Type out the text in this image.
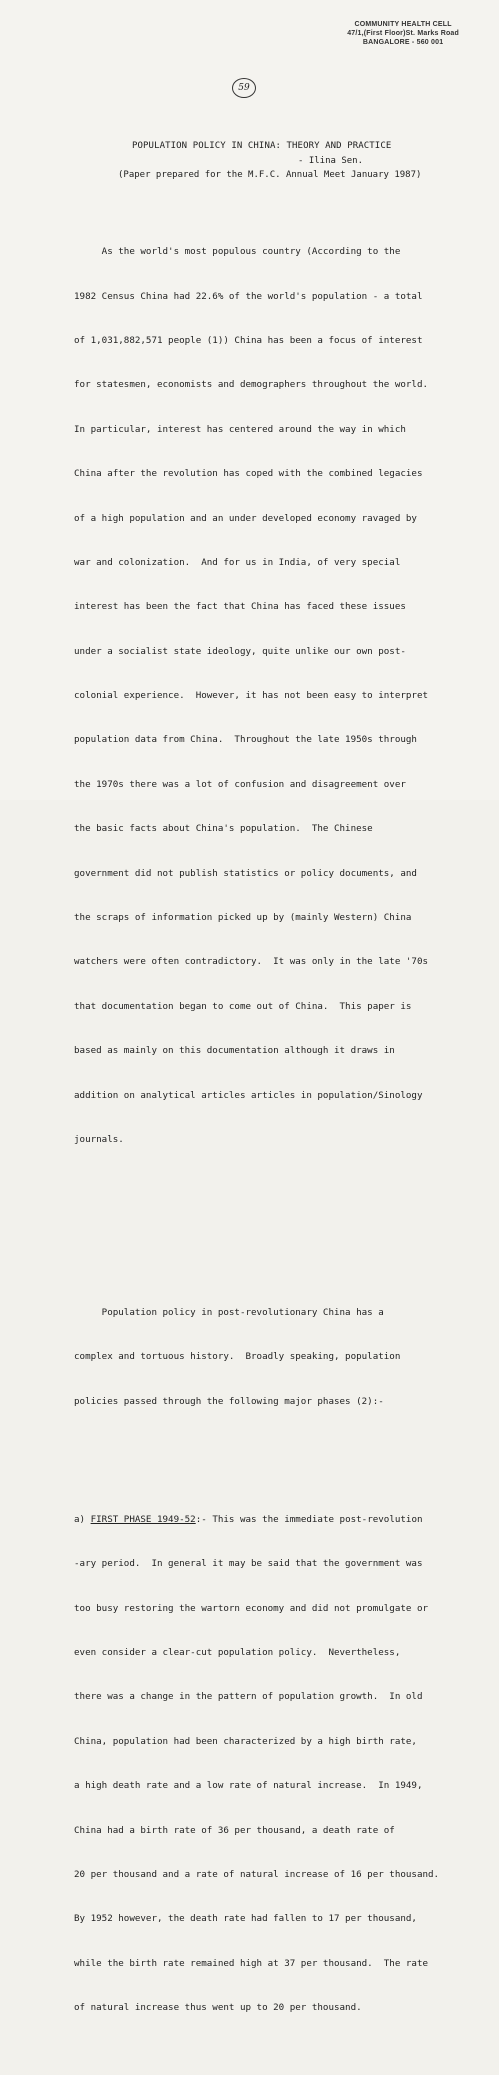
COMMUNITY HEALTH CELL
47/1,(First Floor)St. Marks Road
BANGALORE - 560 001
59
POPULATION POLICY IN CHINA: THEORY AND PRACTICE
- Ilina Sen.
(Paper prepared for the M.F.C. Annual Meet January 1987)

As the world's most populous country (According to the

1982 Census China had 22.6% of the world's population - a total

of 1,031,882,571 people (1)) China has been a focus of interest

for statesmen, economists and demographers throughout the world.

In particular, interest has centered around the way in which

China after the revolution has coped with the combined legacies

of a high population and an under developed economy ravaged by

war and colonization.  And for us in India, of very special

interest has been the fact that China has faced these issues

under a socialist state ideology, quite unlike our own post-

colonial experience.  However, it has not been easy to interpret

population data from China.  Throughout the late 1950s through

the 1970s there was a lot of confusion and disagreement over

the basic facts about China's population.  The Chinese

government did not publish statistics or policy documents, and

the scraps of information picked up by (mainly Western) China

watchers were often contradictory.  It was only in the late '70s

that documentation began to come out of China.  This paper is

based as mainly on this documentation although it draws in

addition on analytical articles articles in population/Sinology

journals.

Population policy in post-revolutionary China has a

complex and tortuous history.  Broadly speaking, population

policies passed through the following major phases (2):-

a) FIRST PHASE 1949-52:- This was the immediate post-revolution

-ary period.  In general it may be said that the government was

too busy restoring the wartorn economy and did not promulgate or

even consider a clear-cut population policy.  Nevertheless,

there was a change in the pattern of population growth.  In old

China, population had been characterized by a high birth rate,

a high death rate and a low rate of natural increase.  In 1949,

China had a birth rate of 36 per thousand, a death rate of

20 per thousand and a rate of natural increase of 16 per thousand.

By 1952 however, the death rate had fallen to 17 per thousand,

while the birth rate remained high at 37 per thousand.  The rate

of natural increase thus went up to 20 per thousand.
